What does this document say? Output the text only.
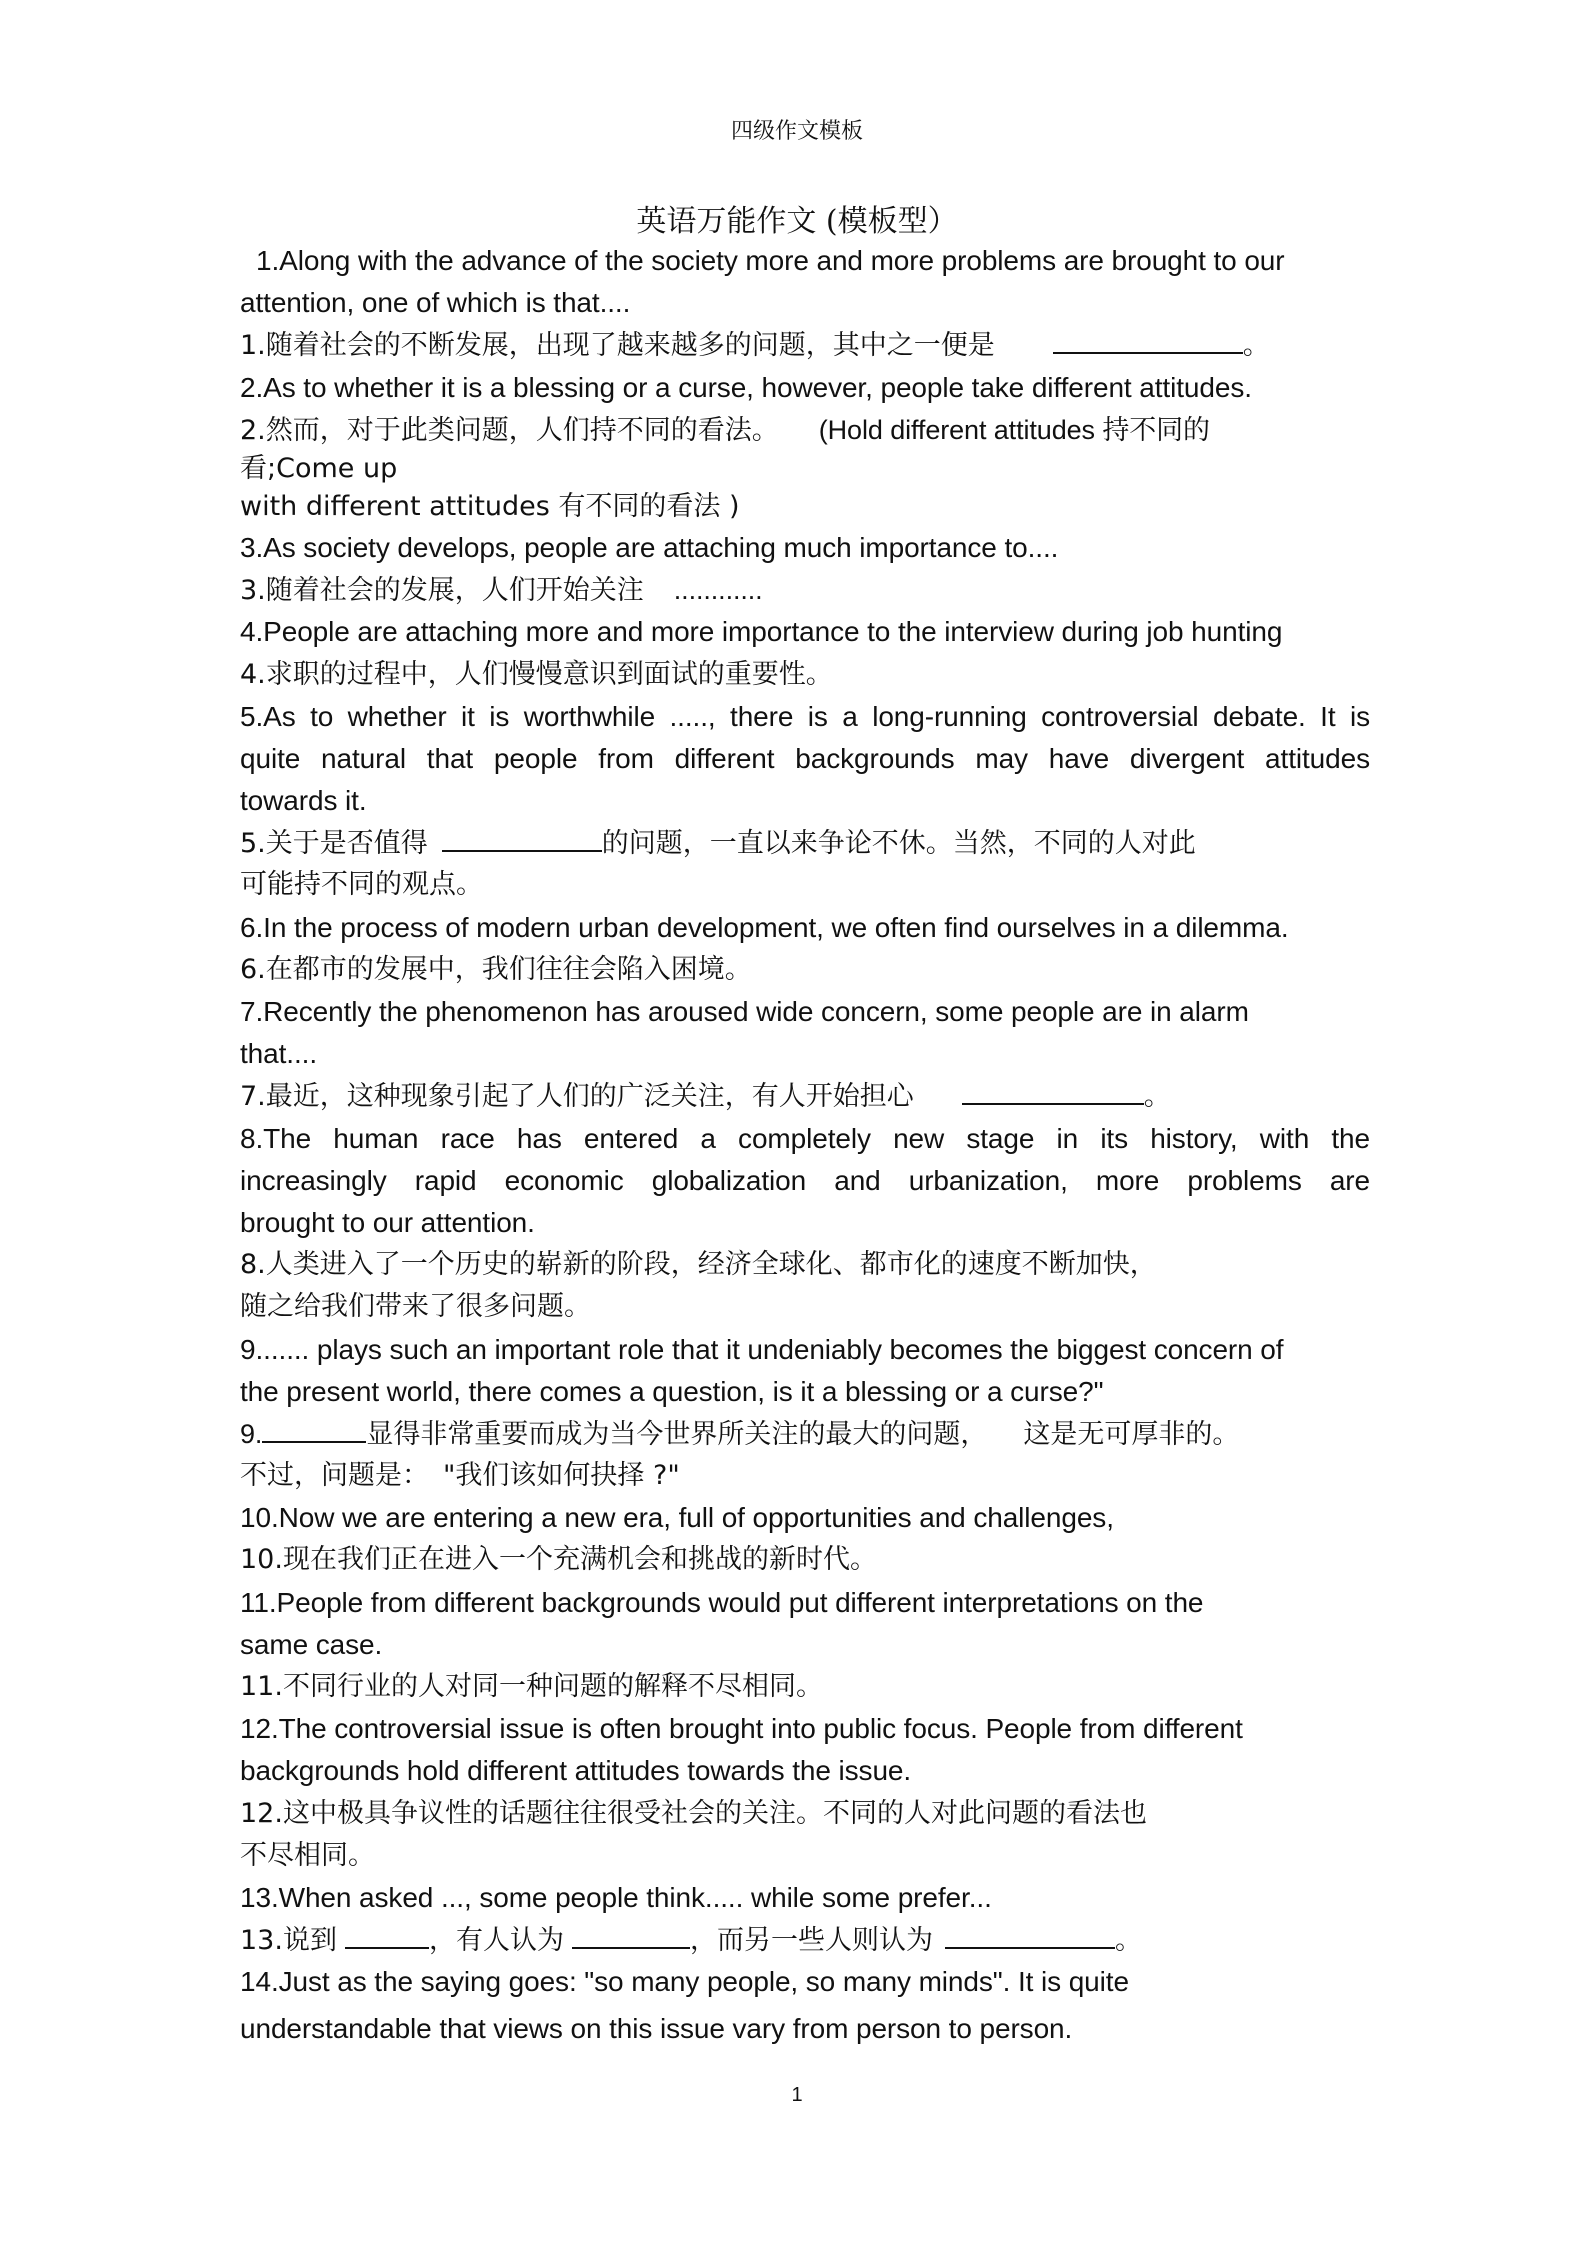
四级作文模板
英语万能作文 (模板型）
1.Along with the advance of the society more and more problems are brought to our
attention, one of which is that....
1.随着社会的不断发展，出现了越来越多的问题，其中之一便是	。
2.As to whether it is a blessing or a curse, however, people take different attitudes.
2.然而，对于此类问题，人们持不同的看法。 (Hold different attitudes 持不同的
看;Come up
with different attitudes 有不同的看法 )
3.As society develops, people are attaching much importance to....
3.随着社会的发展，人们开始关注 ............
4.People are attaching more and more importance to the interview during job hunting
4.求职的过程中，人们慢慢意识到面试的重要性。
5.As to whether it is worthwhile ....., there is a long-running controversial debate. It is
quite natural that people from different backgrounds may have divergent attitudes
towards it.
5.关于是否值得	的问题，一直以来争论不休。当然，不同的人对此
可能持不同的观点。
6.In the process of modern urban development, we often find ourselves in a dilemma.
6.在都市的发展中，我们往往会陷入困境。
7.Recently the phenomenon has aroused wide concern, some people are in alarm
that....
7.最近，这种现象引起了人们的广泛关注，有人开始担心	。
8.The human race has entered a completely new stage in its history, with the
increasingly rapid economic globalization and urbanization, more problems are
brought to our attention.
8.人类进入了一个历史的崭新的阶段，经济全球化、都市化的速度不断加快，
随之给我们带来了很多问题。
9....... plays such an important role that it undeniably becomes the biggest concern of
the present world, there comes a question, is it a blessing or a curse?"
9.	显得非常重要而成为当今世界所关注的最大的问题， 这是无可厚非的。
不过，问题是： "我们该如何抉择 ?"
10.Now we are entering a new era, full of opportunities and challenges,
10.现在我们正在进入一个充满机会和挑战的新时代。
11.People from different backgrounds would put different interpretations on the
same case.
11.不同行业的人对同一种问题的解释不尽相同。
12.The controversial issue is often brought into public focus. People from different
backgrounds hold different attitudes towards the issue.
12.这中极具争议性的话题往往很受社会的关注。不同的人对此问题的看法也
不尽相同。
13.When asked ..., some people think..... while some prefer...
13.说到	，有人认为	，而另一些人则认为	。
14.Just as the saying goes: "so many people, so many minds". It is quite
understandable that views on this issue vary from person to person.
1
